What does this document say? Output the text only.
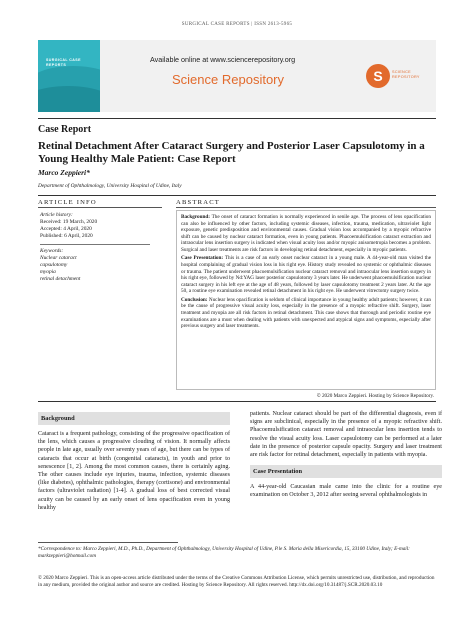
SURGICAL CASE REPORTS | ISSN 2613-5965
SURGICAL CASE REPORTS
Available online at www.sciencerepository.org
Science Repository	S	SCIENCE REPOSITORY
Case Report
Retinal Detachment After Cataract Surgery and Posterior Laser Capsulotomy in a Young Healthy Male Patient: Case Report
Marco Zeppieri*
Department of Ophthalmology, University Hospital of Udine, Italy
ARTICLE INFO	ABSTRACT
Article history:
Received: 19 March, 2020
Accepted: 4 April, 2020
Published: 6 April, 2020
Keywords:
Nuclear cataract
capsulotomy
myopia
retinal detachment

Background: The onset of cataract formation is normally experienced in senile age. The process of lens opacification can also be influenced by other factors, including systemic diseases, infection, trauma, medication, ultraviolet light exposure, genetic predisposition and environmental causes. Gradual vision loss accompanied by a myopic refractive shift can be caused by nuclear cataract formation, even in young patients. Phacoemulsification cataract extraction and intraocular lens insertion surgery is indicated when visual acuity loss and/or myopic anisometropia becomes a problem. Surgical and laser treatments are risk factors in developing retinal detachment, especially in myopic patients.

Case Presentation: This is a case of an early onset nuclear cataract in a young male. A 44-year-old man visited the hospital complaining of gradual vision loss in his right eye. History study revealed no systemic or ophthalmic diseases or trauma. The patient underwent phacoemulsification nuclear cataract removal and intraocular lens insertion surgery in his right eye, followed by Nd:YAG laser posterior capsulotomy 3 years later. He underwent phacoemulsification nuclear cataract surgery in his left eye at the age of 48 years, followed by laser capsulotomy treatment 2 years later. At the age 50, a routine eye examination revealed retinal detachment in his right eye. He underwent vitrectomy surgery twice.

Conclusion: Nuclear lens opacification is seldom of clinical importance in young healthy adult patients; however, it can be the cause of progressive visual acuity loss, especially in the presence of a myopic refractive shift. Surgery, laser treatment and myopia are all risk factors in retinal detachment. This case shows that thorough and periodic routine eye examinations are a must when dealing with patients with unexpected and atypical signs and symptoms, especially after previous surgery and laser treatments.

© 2020 Marco Zeppieri. Hosting by Science Repository.
Background

Cataract is a frequent pathology, consisting of the progressive opacification of the lens, which causes a progressive clouding of vision. It normally affects people in late age, usually over seventy years of age, but there can be types of cataracts that occur at birth (congenital cataracts), in youth and prior to senescence [1, 2]. Among the most common causes, there is certainly aging. The other causes include eye injuries, trauma, infection, systemic diseases (like diabetes), ophthalmic pathologies, therapy (cortisone) and environmental factors (ultraviolet radiation) [1-4]. A gradual loss of best corrected visual acuity can be caused by an early onset of lens opacification even in young healthy

patients. Nuclear cataract should be part of the differential diagnosis, even if signs are subclinical, especially in the presence of a myopic refractive shift. Phacoemulsification cataract removal and intraocular lens insertion tends to resolve the visual acuity loss. Laser capsulotomy can be performed at a later date in the presence of posterior capsule opacity. Surgery and laser treatment are risk factor for retinal detachment, especially in patients with myopia.

Case Presentation

A 44-year-old Caucasian male came into the clinic for a routine eye examination on October 3, 2012 after seeing several ophthalmologists in

*Correspondence to: Marco Zeppieri, M.D., Ph.D., Department of Ophthalmology, University Hospital of Udine, P.le S. Maria della Misericordia, 15, 33100 Udine, Italy; E-mail: markzeppieri@hotmail.com
© 2020 Marco Zeppieri. This is an open-access article distributed under the terms of the Creative Commons Attribution License, which permits unrestricted use, distribution, and reproduction in any medium, provided the original author and source are credited. Hosting by Science Repository. All rights reserved. http://dx.doi.org/10.31487/j.SCR.2020.03.10
